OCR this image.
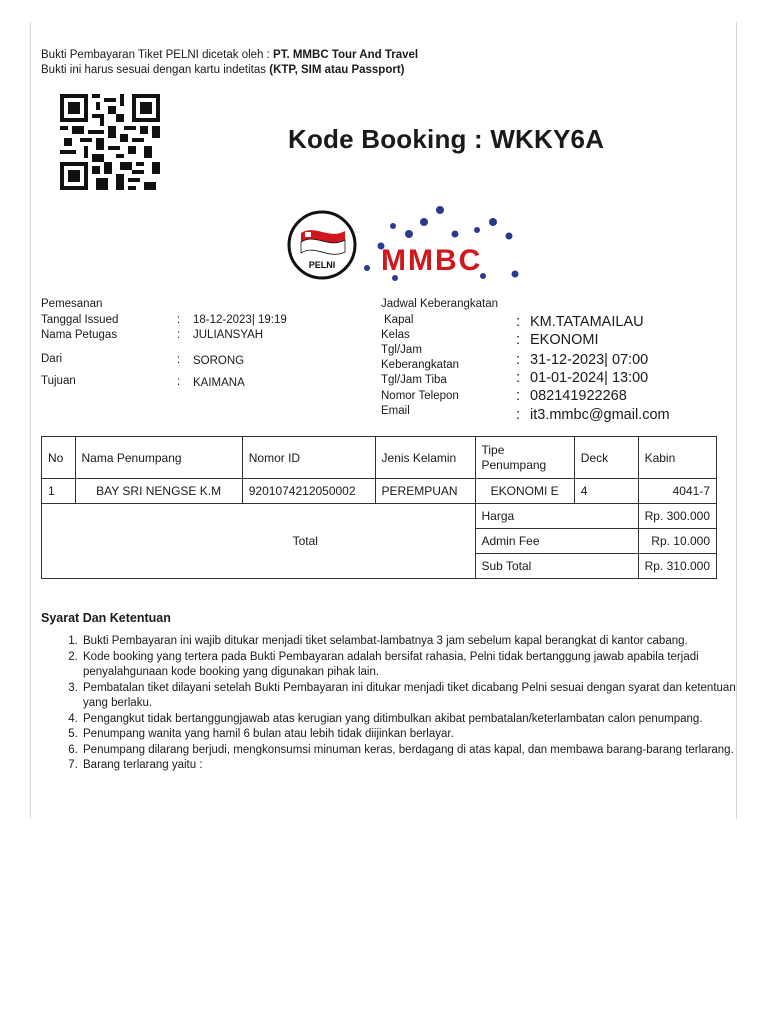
Bukti Pembayaran Tiket PELNI dicetak oleh : PT. MMBC Tour And Travel
Bukti ini harus sesuai dengan kartu indetitas (KTP, SIM atau Passport)
Kode Booking : WKKY6A
PELNI MMBC
Pemesanan
Tanggal Issued	: 18-12-2023| 19:19
Nama Petugas	: JULIANSYAH
Dari	: SORONG
Tujuan	: KAIMANA
Jadwal Keberangkatan
Kapal	: KM.TATAMAILAU
Kelas	: EKONOMI
Tgl/Jam
Keberangkatan	: 31-12-2023| 07:00
Tgl/Jam Tiba	: 01-01-2024| 13:00
Nomor Telepon	: 082141922268
Email	: it3.mmbc@gmail.com
No	Nama Penumpang	Nomor ID	Jenis Kelamin	Tipe
Penumpang	Deck	Kabin
1	BAY SRI NENGSE K.M	9201074212050002	PEREMPUAN	EKONOMI E	4	4041-7
Total				Harga		Rp. 300.000
				Admin Fee		Rp. 10.000
				Sub Total		Rp. 310.000
Syarat Dan Ketentuan
1. Bukti Pembayaran ini wajib ditukar menjadi tiket selambat-lambatnya 3 jam sebelum kapal berangkat di kantor cabang.
2. Kode booking yang tertera pada Bukti Pembayaran adalah bersifat rahasia, Pelni tidak bertanggung jawab apabila terjadi penyalahgunaan kode booking yang digunakan pihak lain.
3. Pembatalan tiket dilayani setelah Bukti Pembayaran ini ditukar menjadi tiket dicabang Pelni sesuai dengan syarat dan ketentuan yang berlaku.
4. Pengangkut tidak bertanggungjawab atas kerugian yang ditimbulkan akibat pembatalan/keterlambatan calon penumpang.
5. Penumpang wanita yang hamil 6 bulan atau lebih tidak diijinkan berlayar.
6. Penumpang dilarang berjudi, mengkonsumsi minuman keras, berdagang di atas kapal, dan membawa barang-barang terlarang.
7. Barang terlarang yaitu :
